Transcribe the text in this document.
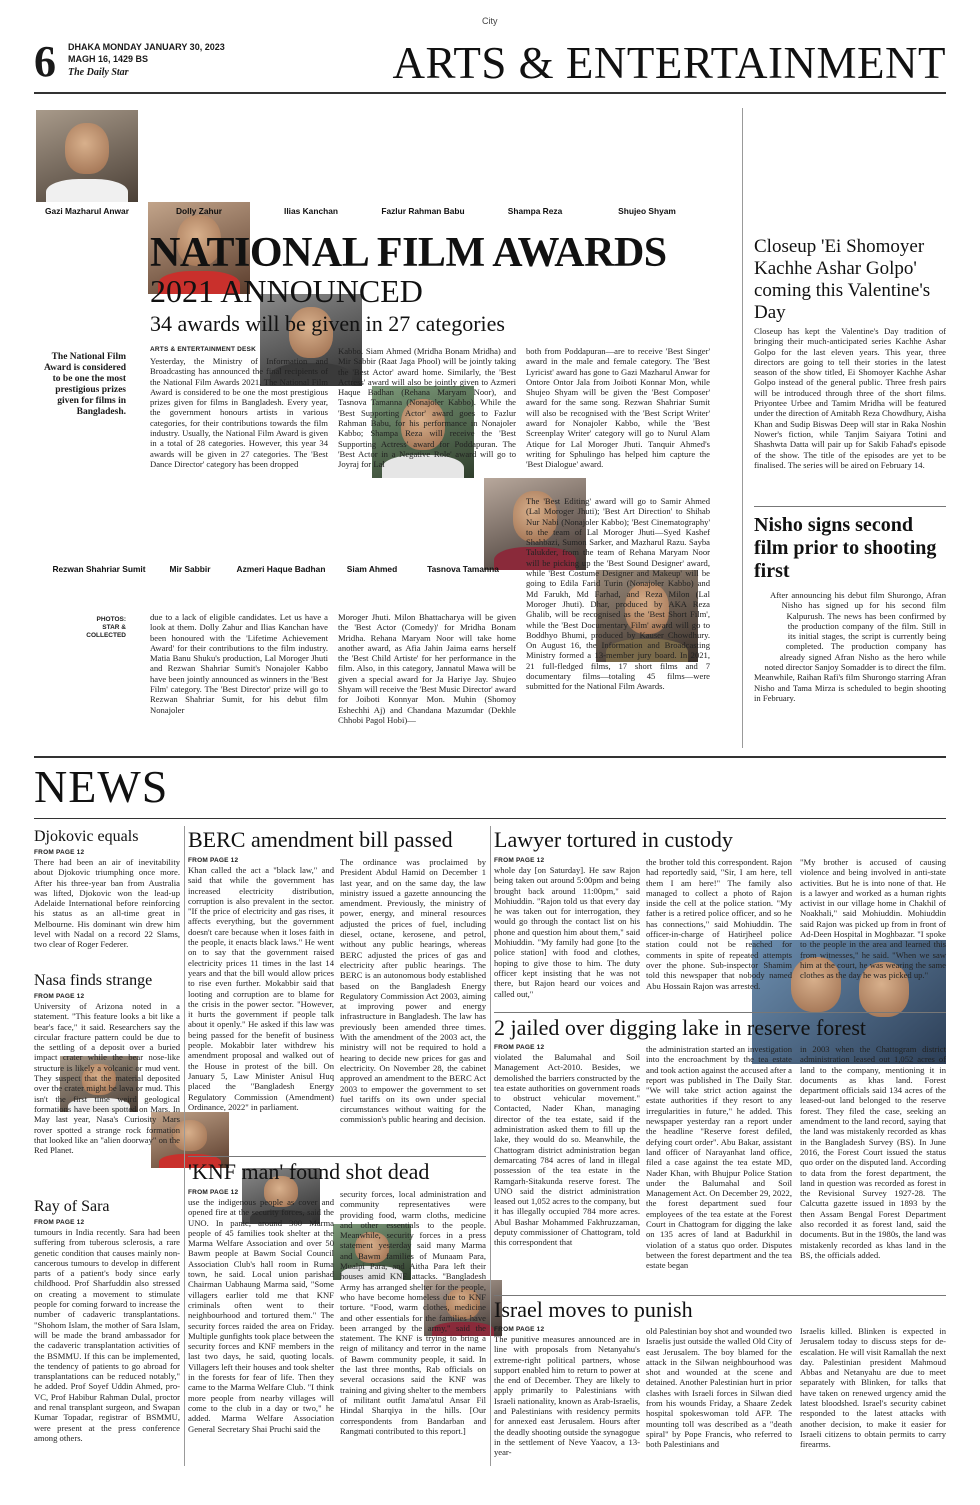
City
6 DHAKA MONDAY JANUARY 30, 2023
MAGH 16, 1429 BS
The Daily Star	ARTS & ENTERTAINMENT
Gazi Mazharul Anwar	Dolly Zahur	Ilias Kanchan	Fazlur Rahman Babu	Shampa Reza	Shujeo Shyam
NATIONAL FILM AWARDS
2021 ANNOUNCED
34 awards will be given in 27 categories
The National Film Award is considered to be one the most prestigious prizes given for films in Bangladesh.
ARTS & ENTERTAINMENT DESK
Yesterday, the Ministry of Information and Broadcasting has announced the final recipients of the National Film Awards 2021. The National Film Award is considered to be one the most prestigious prizes given for films in Bangladesh. Every year, the government honours artists in various categories, for their contributions towards the film industry. Usually, the National Film Award is given in a total of 28 categories. However, this year 34 awards will be given in 27 categories. The 'Best Dance Director' category has been dropped
Kabbo. Siam Ahmed (Mridha Bonam Mridha) and Mir Sabbir (Raat Jaga Phool) will be jointly taking the 'Best Actor' award home. Similarly, the 'Best Actress' award will also be jointly given to Azmeri Haque Badhan (Rehana Maryam Noor), and Tasnova Tamanna (Nonajoler Kabbo). While the 'Best Supporting Actor' award goes to Fazlur Rahman Babu, for his performance in Nonajoler Kabbo; Shampa Reza will receive the 'Best Supporting Actress' award for Poddapuran. The 'Best Actor in a Negative Role' award will go to Joyraj for Lal
both from Poddapuran—are to receive 'Best Singer' award in the male and female category. The 'Best Lyricist' award has gone to Gazi Mazharul Anwar for Ontore Ontor Jala from Joiboti Konnar Mon, while Shujeo Shyam will be given the 'Best Composer' award for the same song. Rezwan Shahriar Sumit will also be recognised with the 'Best Script Writer' award for Nonajoler Kabbo, while the 'Best Screenplay Writer' category will go to Nurul Alam Atique for Lal Moroger Jhuti. Tanquir Ahmed's writing for Sphulingo has helped him capture the 'Best Dialogue' award.
The 'Best Editing' award will go to Samir Ahmed (Lal Moroger Jhuti); 'Best Art Direction' to Shihab Nur Nabi (Nonajoler Kabbo); 'Best Cinematography' to the team of Lal Moroger Jhuti—Syed Kashef Shahbazi, Sumon Sarker, and Mazharul Razu. Sayba Talukder, from the team of Rehana Maryam Noor will be picking up the 'Best Sound Designer' award, while 'Best Costume Designer and Makeup' will be going to Edila Farid Turin (Nonajoler Kabbo) and Md Farukh, Md Farhad, and Reza Milon (Lal Moroger Jhuti). Dhar, produced by AKA Reza Ghalib, will be recognised as the 'Best Short Film', while the 'Best Documentary Film' award will go to Boddhyo Bhumi, produced by Kauser Chowdhury. On August 16, the Information and Broadcasting Ministry formed a 13-member jury board. In 2021, 21 full-fledged films, 17 short films and 7 documentary films—totaling 45 films—were submitted for the National Film Awards.
Rezwan Shahriar Sumit	Mir Sabbir	Azmeri Haque Badhan	Siam Ahmed	Tasnova Tamanna
PHOTOS: STAR & COLLECTED
due to a lack of eligible candidates. Let us have a look at them. Dolly Zahur and Ilias Kanchan have been honoured with the 'Lifetime Achievement Award' for their contributions to the film industry. Matia Banu Shuku's production, Lal Moroger Jhuti and Rezwan Shahriar Sumit's Nonajoler Kabbo have been jointly announced as winners in the 'Best Film' category. The 'Best Director' prize will go to Rezwan Shahriar Sumit, for his debut film Nonajoler
Moroger Jhuti. Milon Bhattacharya will be given the 'Best Actor (Comedy)' for Mridha Bonam Mridha. Rehana Maryam Noor will take home another award, as Afia Jahin Jaima earns herself the 'Best Child Artiste' for her performance in the film. Also, in this category, Jannatul Mawa will be given a special award for Ja Hariye Jay. Shujeo Shyam will receive the 'Best Music Director' award for Joiboti Konnyar Mon. Muhin (Shomoy Eshechhi Aj) and Chandana Mazumdar (Dekhle Chhobi Pagol Hobi)—
Closeup 'Ei Shomoyer Kachhe Ashar Golpo' coming this Valentine's Day
Closeup has kept the Valentine's Day tradition of bringing their much-anticipated series Kachhe Ashar Golpo for the last eleven years. This year, three directors are going to tell their stories in the latest season of the show titled, Ei Shomoyer Kachhe Ashar Golpo instead of the general public. Three fresh pairs will be introduced through three of the short films. Priyontee Urbee and Tamim Mridha will be featured under the direction of Amitabh Reza Chowdhury, Aisha Khan and Sudip Biswas Deep will star in Raka Noshin Nower's fiction, while Tanjim Saiyara Totini and Shashwta Datta will pair up for Sakib Fahad's episode of the show. The title of the episodes are yet to be finalised. The series will be aired on February 14.
Nisho signs second film prior to shooting first
After announcing his debut film Shurongo, Afran Nisho has signed up for his second film Kalpurush. The news has been confirmed by the production company of the film. Still in its initial stages, the script is currently being completed. The production company has already signed Afran Nisho as the hero while noted director Sanjoy Somadder is to direct the film. Meanwhile, Raihan Rafi's film Shurongo starring Afran Nisho and Tama Mirza is scheduled to begin shooting in February.
NEWS
Djokovic equals
FROM PAGE 12
There had been an air of inevitability about Djokovic triumphing once more. After his three-year ban from Australia was lifted, Djokovic won the lead-up Adelaide International before reinforcing his status as an all-time great in Melbourne. His dominant win drew him level with Nadal on a record 22 Slams, two clear of Roger Federer.
Nasa finds strange
FROM PAGE 12
University of Arizona noted in a statement. "This feature looks a bit like a bear's face," it said. Researchers say the circular fracture pattern could be due to the settling of a deposit over a buried impact crater while the bear nose-like structure is likely a volcanic or mud vent. They suspect that the material deposited over the crater might be lava or mud. This isn't the first time weird geological formations have been spotted on Mars. In May last year, Nasa's Curiosity Mars rover spotted a strange rock formation that looked like an "alien doorway" on the Red Planet.
Ray of Sara
FROM PAGE 12
tumours in India recently. Sara had been suffering from tuberous sclerosis, a rare genetic condition that causes mainly non-cancerous tumours to develop in different parts of a patient's body since early childhood. Prof Sharfuddin also stressed on creating a movement to stimulate people for coming forward to increase the number of cadaveric transplantations. "Shohom Islam, the mother of Sara Islam, will be made the brand ambassador for the cadaveric transplantation activities of the BSMMU. If this can be implemented, the tendency of patients to go abroad for transplantations can be reduced notably," he added. Prof Soyef Uddin Ahmed, pro-VC, Prof Habibur Rahman Dulal, proctor and renal transplant surgeon, and Swapan Kumar Topadar, registrar of BSMMU, were present at the press conference among others.
BERC amendment bill passed
FROM PAGE 12
Khan called the act a "black law," and said that while the government has increased electricity distribution, corruption is also prevalent in the sector. "If the price of electricity and gas rises, it affects everything, but the government doesn't care because when it loses faith in the people, it enacts black laws." He went on to say that the government raised electricity prices 11 times in the last 14 years and that the bill would allow prices to rise even further. Mokabbir said that looting and corruption are to blame for the crisis in the power sector. "However, it hurts the government if people talk about it openly." He asked if this law was being passed for the benefit of business people. Mokabbir later withdrew his amendment proposal and walked out of the House in protest of the bill. On January 5, Law Minister Anisul Huq placed the "Bangladesh Energy Regulatory Commission (Amendment) Ordinance, 2022" in parliament.
The ordinance was proclaimed by President Abdul Hamid on December 1 last year, and on the same day, the law ministry issued a gazette announcing the amendment. Previously, the ministry of power, energy, and mineral resources adjusted the prices of fuel, including diesel, octane, kerosene, and petrol, without any public hearings, whereas BERC adjusted the prices of gas and electricity after public hearings. The BERC is an autonomous body established based on the Bangladesh Energy Regulatory Commission Act 2003, aiming at improving power and energy infrastructure in Bangladesh. The law has previously been amended three times. With the amendment of the 2003 act, the ministry will not be required to hold a hearing to decide new prices for gas and electricity. On November 28, the cabinet approved an amendment to the BERC Act 2003 to empower the government to set fuel tariffs on its own under special circumstances without waiting for the commission's public hearing and decision.
'KNF man' found shot dead
FROM PAGE 12
use the indigenous people as cover and opened fire at the security forces, said the UNO. In panic, around 300 Marma people of 45 families took shelter at the Marma Welfare Association and over 50 Bawm people at Bawm Social Council Association Club's hall room in Ruma town, he said. Local union parishad Chairman Uabhaung Marma said, "Some villagers earlier told me that KNF criminals often went to their neighbourhood and tortured them." The security forces raided the area on Friday. Multiple gunfights took place between the security forces and KNF members in the last two days, he said, quoting locals. Villagers left their houses and took shelter in the forests for fear of life. Then they came to the Marma Welfare Club. "I think more people from nearby villages will come to the club in a day or two," he added. Marma Welfare Association General Secretary Shai Pruchi said the
security forces, local administration and community representatives were providing food, warm cloths, medicine and other essentials to the people. Meanwhile, security forces in a press statement yesterday said many Marma and Bawm families of Munaam Para, Mualpi Para, and Aitha Para left their houses amid KNF attacks. "Bangladesh Army has arranged shelter for the people, who have become homeless due to KNF torture. "Food, warm clothes, medicine and other essentials for the families have been arranged by the army," said the statement. The KNF is trying to bring a reign of militancy and terror in the name of Bawm community people, it said. In the last three months, Rab officials on several occasions said the KNF was training and giving shelter to the members of militant outfit Jama'atul Ansar Fil Hindal Sharqiya in the hills. [Our correspondents from Bandarban and Rangmati contributed to this report.]
Lawyer tortured in custody
FROM PAGE 12
whole day [on Saturday]. He saw Rajon being taken out around 5:00pm and being brought back around 11:00pm," said Mohiuddin. "Rajon told us that every day he was taken out for interrogation, they would go through the contact list on his phone and question him about them," said Mohiuddin. "My family had gone [to the police station] with food and clothes, hoping to give those to him. The duty officer kept insisting that he was not there, but Rajon heard our voices and called out,"
the brother told this correspondent. Rajon had reportedly said, "Sir, I am here, tell them I am here!" The family also managed to collect a photo of Rajon inside the cell at the police station. "My father is a retired police officer, and so he has connections," said Mohiuddin. The officer-in-charge of Hatirjheel police station could not be reached for comments in spite of repeated attempts over the phone. Sub-inspector Shamim told this newspaper that nobody named Abu Hossain Rajon was arrested.
"My brother is accused of causing violence and being involved in anti-state activities. But he is into none of that. He is a lawyer and worked as a human rights activist in our village home in Chakhil of Noakhali," said Mohiuddin. Mohiuddin said Rajon was picked up from in front of Ad-Deen Hospital in Moghbazar. "I spoke to the people in the area and learned this from witnesses," he said. "When we saw him at the court, he was wearing the same clothes as the day he was picked up."
2 jailed over digging lake in reserve forest
FROM PAGE 12
violated the Balumahal and Soil Management Act-2010. Besides, we demolished the barriers constructed by the tea estate authorities on government roads to obstruct vehicular movement." Contacted, Nader Khan, managing director of the tea estate, said if the administration asked them to fill up the lake, they would do so. Meanwhile, the Chattogram district administration began demarcating 784 acres of land in illegal possession of the tea estate in the Ramgarh-Sitakunda reserve forest. The UNO said the district administration leased out 1,052 acres to the company, but it has illegally occupied 784 more acres. Abul Bashar Mohammed Fakhruzzaman, deputy commissioner of Chattogram, told this correspondent that
the administration started an investigation into the encroachment by the tea estate and took action against the accused after a report was published in The Daily Star. "We will take strict action against the estate authorities if they resort to any irregularities in future," he added. This newspaper yesterday ran a report under the headline "Reserve forest defiled, defying court order". Abu Bakar, assistant land officer of Narayanhat land office, filed a case against the tea estate MD, Nader Khan, with Bhujpur Police Station under the Balumahal and Soil Management Act. On December 29, 2022, the forest department sued four employees of the tea estate at the Forest Court in Chattogram for digging the lake on 135 acres of land at Badurkhil in violation of a status quo order. Disputes between the forest department and the tea estate began
in 2003 when the Chattogram district administration leased out 1,052 acres of land to the company, mentioning it in documents as khas land. Forest department officials said 134 acres of the leased-out land belonged to the reserve forest. They filed the case, seeking an amendment to the land record, saying that the land was mistakenly recorded as khas in the Bangladesh Survey (BS). In June 2016, the Forest Court issued the status quo order on the disputed land. According to data from the forest department, the land in question was recorded as forest in the Revisional Survey 1927-28. The Calcutta gazette issued in 1893 by the then Assam Bengal Forest Department also recorded it as forest land, said the documents. But in the 1980s, the land was mistakenly recorded as khas land in the BS, the officials added.
Israel moves to punish
FROM PAGE 12
The punitive measures announced are in line with proposals from Netanyahu's extreme-right political partners, whose support enabled him to return to power at the end of December. They are likely to apply primarily to Palestinians with Israeli nationality, known as Arab-Israelis, and Palestinians with residency permits for annexed east Jerusalem. Hours after the deadly shooting outside the synagogue in the settlement of Neve Yaacov, a 13-year-
old Palestinian boy shot and wounded two Israelis just outside the walled Old City of east Jerusalem. The boy blamed for the attack in the Silwan neighbourhood was shot and wounded at the scene and detained. Another Palestinian hurt in prior clashes with Israeli forces in Silwan died from his wounds Friday, a Shaare Zedek hospital spokeswoman told AFP. The mounting toll was described as a "death spiral" by Pope Francis, who referred to both Palestinians and
Israelis killed. Blinken is expected in Jerusalem today to discuss steps for de-escalation. He will visit Ramallah the next day. Palestinian president Mahmoud Abbas and Netanyahu are due to meet separately with Blinken, for talks that have taken on renewed urgency amid the latest bloodshed. Israel's security cabinet responded to the latest attacks with another decision, to make it easier for Israeli citizens to obtain permits to carry firearms.
